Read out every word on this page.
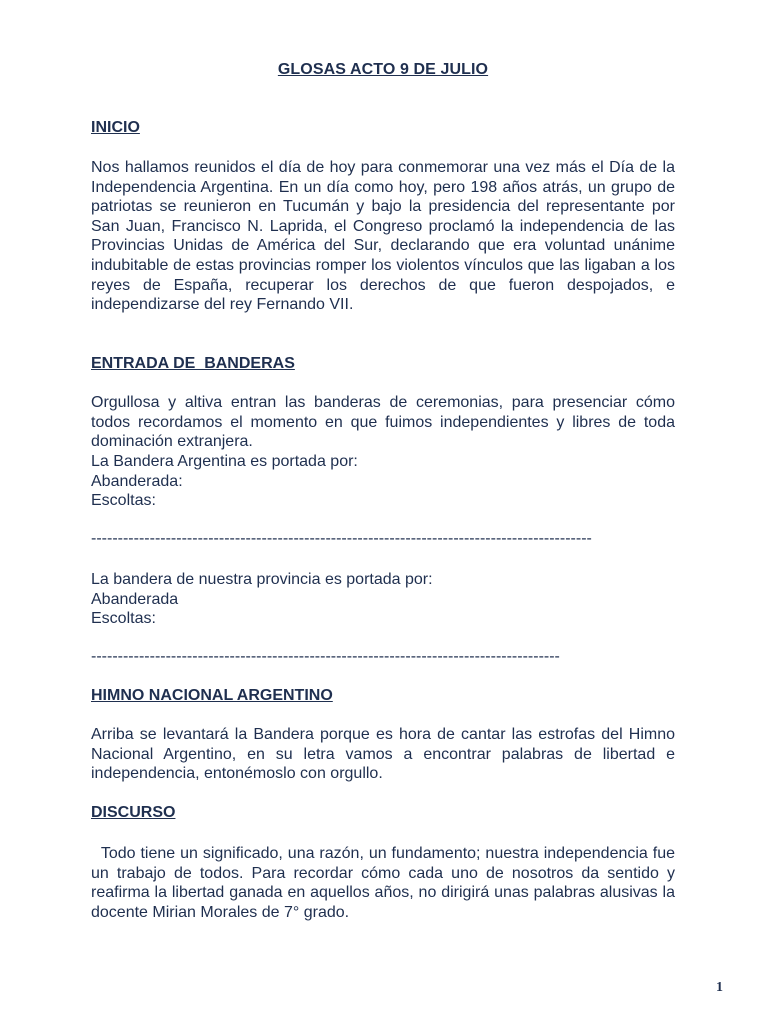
GLOSAS ACTO 9 DE JULIO
INICIO

Nos hallamos reunidos el día de hoy para conmemorar una vez más el Día de la Independencia Argentina. En un día como hoy, pero 198 años atrás, un grupo de patriotas se reunieron en Tucumán y bajo la presidencia del representante por San Juan, Francisco N. Laprida, el Congreso proclamó la independencia de las Provincias Unidas de América del Sur, declarando que era voluntad unánime indubitable de estas provincias romper los violentos vínculos que las ligaban a los reyes de España, recuperar los derechos de que fueron despojados, e independizarse del rey Fernando VII.

ENTRADA DE  BANDERAS

Orgullosa y altiva entran las banderas de ceremonias, para presenciar cómo todos recordamos el momento en que fuimos independientes y libres de toda dominación extranjera.

La Bandera Argentina es portada por:
Abanderada:
Escoltas:
----------------------------------------------------------------------------------------------
La bandera de nuestra provincia es portada por:
Abanderada
Escoltas:
----------------------------------------------------------------------------------------
HIMNO NACIONAL ARGENTINO

Arriba se levantará la Bandera porque es hora de cantar las estrofas del Himno Nacional Argentino, en su letra vamos a encontrar palabras de libertad e independencia, entonémoslo con orgullo.

DISCURSO

Todo tiene un significado, una razón, un fundamento; nuestra independencia fue un trabajo de todos. Para recordar cómo cada uno de nosotros da sentido y reafirma la libertad ganada en aquellos años, no dirigirá unas palabras alusivas la docente Mirian Morales de 7° grado.

1
